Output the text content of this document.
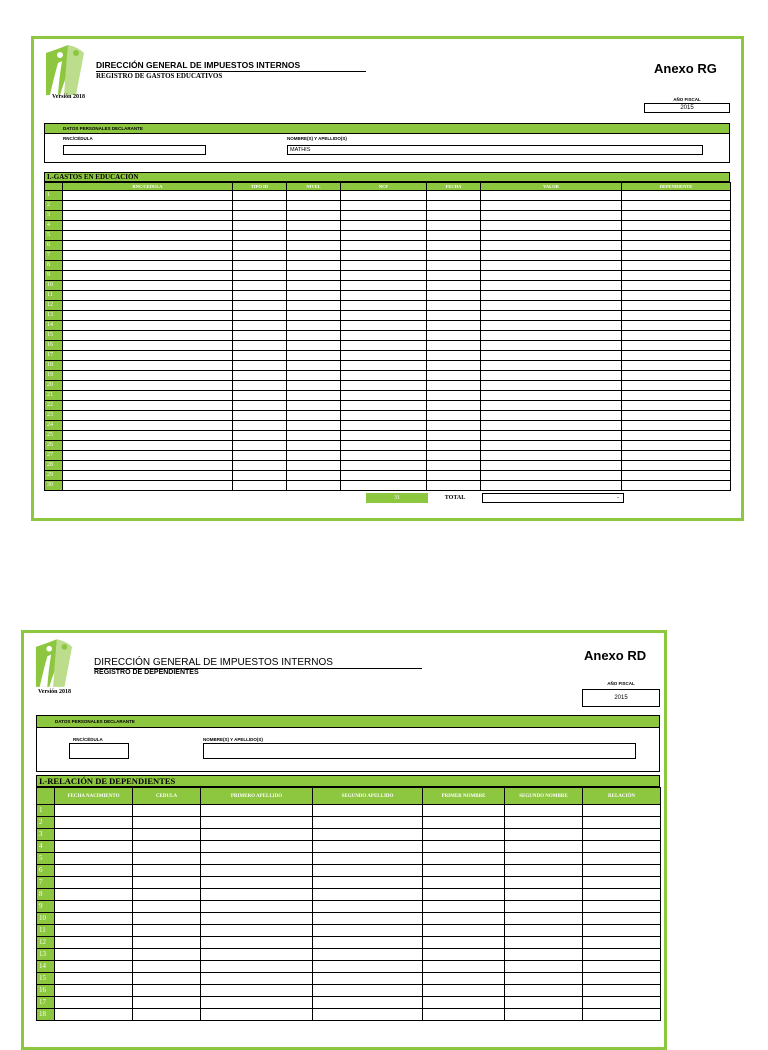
Versión 2018
DIRECCIÓN GENERAL DE IMPUESTOS INTERNOS
REGISTRO DE GASTOS EDUCATIVOS	Anexo RG
AÑO FISCAL
2015
DATOS PERSONALES DECLARANTE
RNC/CÉDULA	NOMBRE(S) Y APELLIDO(S)
MATHIS
I.-GASTOS EN EDUCACIÓN
	RNC/CEDULA	TIPO ID	NIVEL	NCF	FECHA	VALOR	DEPENDIENTE
1							
2							
3							
4							
5							
6							
7							
8							
9							
10							
11							
12							
13							
14							
15							
16							
17							
18							
19							
20							
21							
22							
23							
24							
25							
26							
27							
28							
29							
30							
31	TOTAL	-
Versión 2018
DIRECCIÓN GENERAL DE IMPUESTOS INTERNOS
REGISTRO DE DEPENDIENTES
Anexo RD
AÑO FISCAL
2015
DATOS PERSONALES DECLARANTE
RNC/CÉDULA	NOMBRE(S) Y APELLIDO(S)
I.-RELACIÓN DE DEPENDIENTES
	FECHA NACIMIENTO	CEDULA	PRIMERO APELLIDO	SEGUNDO APELLIDO	PRIMER NOMBRE	SEGUNDO NOMBRE	RELACIÓN
1							
2							
3							
4							
5							
6							
7							
8							
9							
10							
11							
12							
13							
14							
15							
16							
17							
18							
